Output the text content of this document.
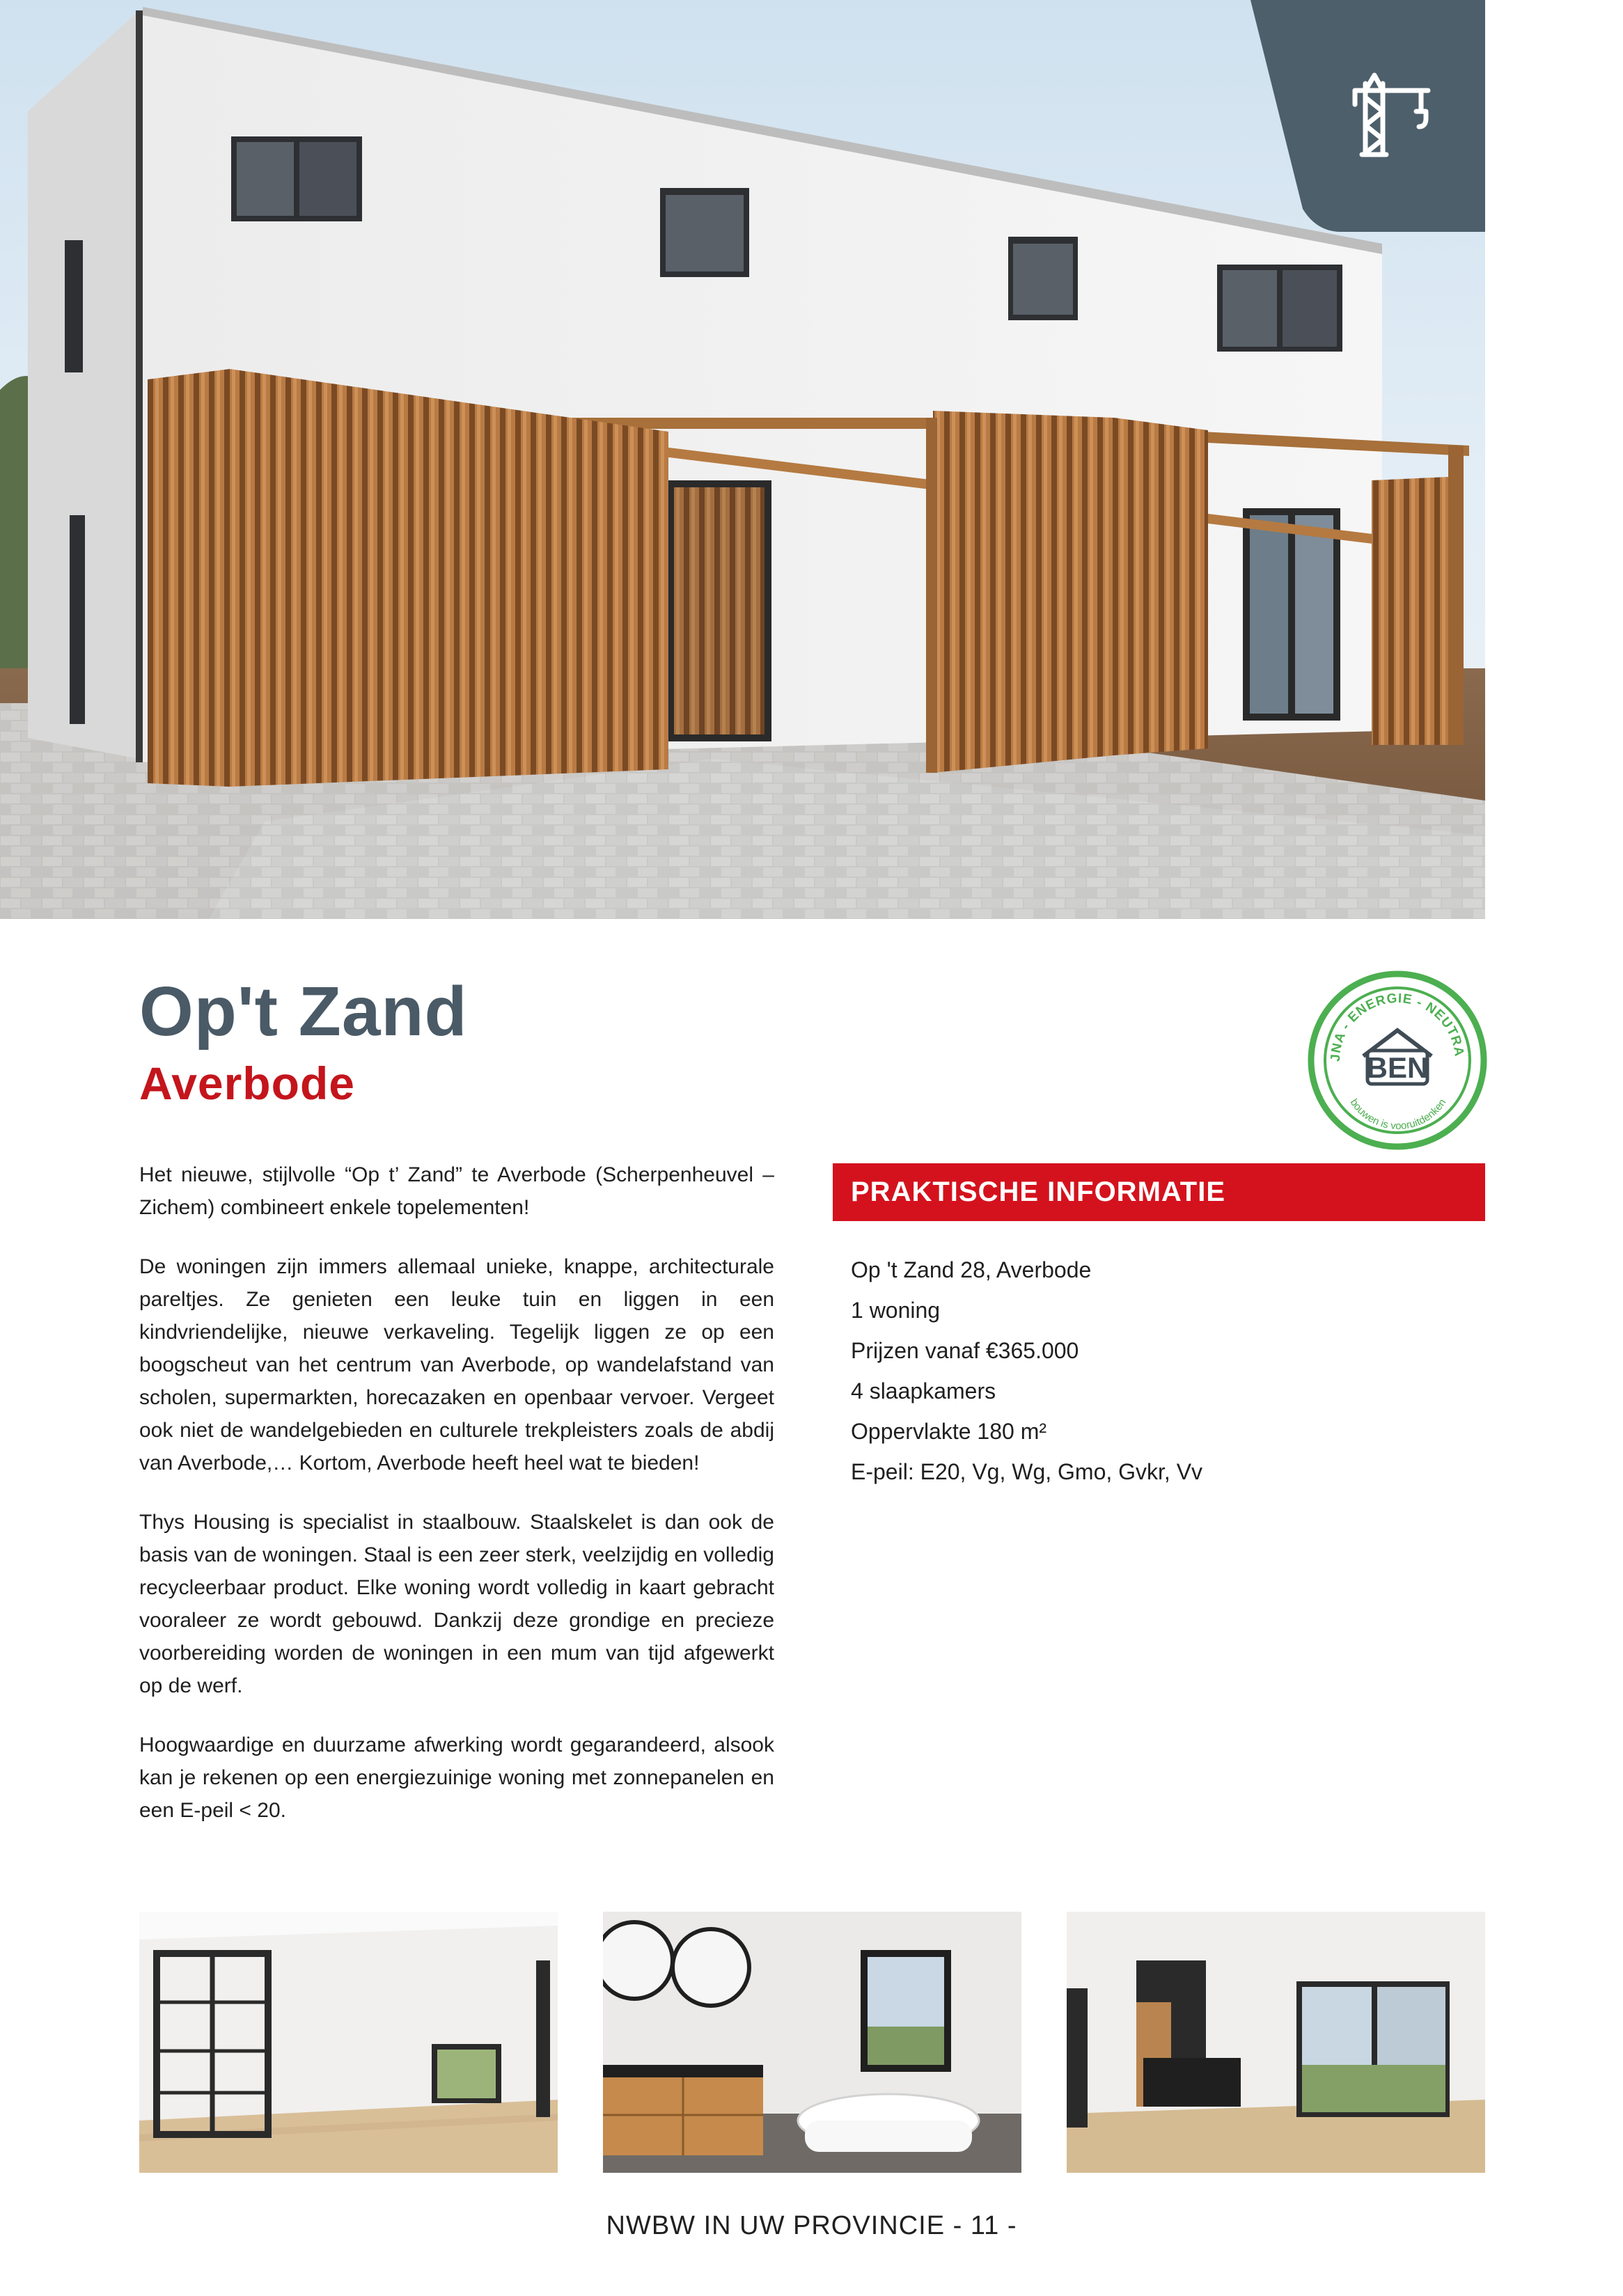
Op't Zand
Averbode	JNA - ENERGIE - NEUTRA
BEN
bouwen is vooruitdenken

Het nieuwe, stijlvolle “Op t’ Zand” te Averbode (Scherpenheuvel – Zichem) combineert enkele topelementen!

De woningen zijn immers allemaal unieke, knappe, architecturale pareltjes. Ze genieten een leuke tuin en liggen in een kindvriendelijke, nieuwe verkaveling. Tegelijk liggen ze op een boogscheut van het centrum van Averbode, op wandelafstand van scholen, supermarkten, horecazaken en openbaar vervoer. Vergeet ook niet de wandelgebieden en culturele trekpleisters zoals de abdij van Averbode,… Kortom, Averbode heeft heel wat te bieden!

Thys Housing is specialist in staalbouw. Staalskelet is dan ook de basis van de woningen. Staal is een zeer sterk, veelzijdig en volledig recycleerbaar product. Elke woning wordt volledig in kaart gebracht vooraleer ze wordt gebouwd. Dankzij deze grondige en precieze voorbereiding worden de woningen in een mum van tijd afgewerkt op de werf.

Hoogwaardige en duurzame afwerking wordt gegarandeerd, alsook kan je rekenen op een energiezuinige woning met zonnepanelen en een E-peil < 20.

PRAKTISCHE INFORMATIE
Op 't Zand 28, Averbode
1 woning
Prijzen vanaf €365.000
4 slaapkamers
Oppervlakte 180 m²
E-peil: E20, Vg, Wg, Gmo, Gvkr, Vv
NWBW IN UW PROVINCIE - 11 -
